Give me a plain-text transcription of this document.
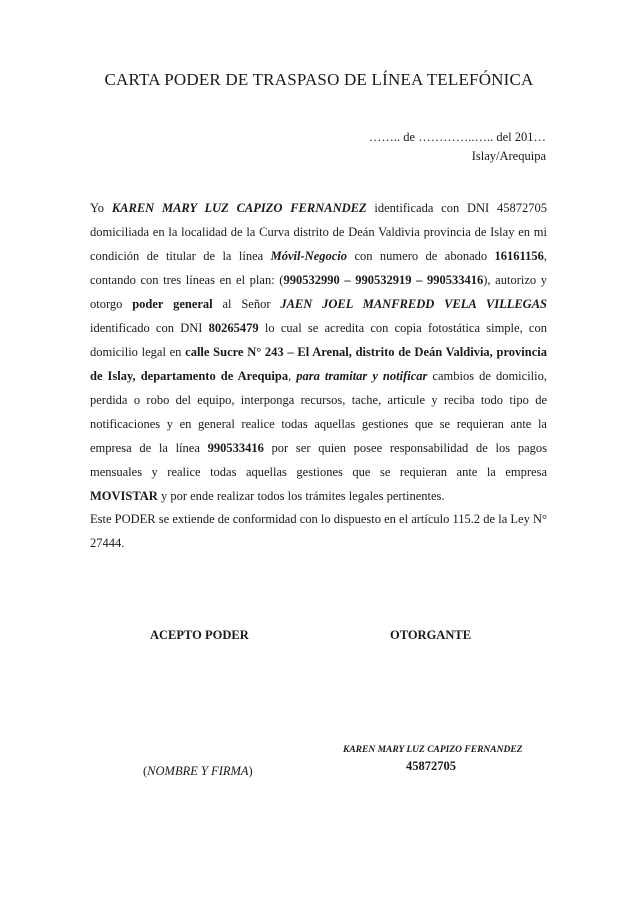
CARTA PODER DE TRASPASO DE LÍNEA TELEFÓNICA
…….. de …………..….. del 201…
Islay/Arequipa

Yo KAREN MARY LUZ CAPIZO FERNANDEZ identificada con DNI 45872705 domiciliada en la localidad de la Curva distrito de Deán Valdivia provincia de Islay en mi condición de titular de la línea Móvil-Negocio con numero de abonado 16161156, contando con tres líneas en el plan: (990532990 – 990532919 – 990533416), autorizo y otorgo poder general al Señor JAEN JOEL MANFREDD VELA VILLEGAS identificado con DNI 80265479 lo cual se acredita con copia fotostática simple, con domicilio legal en calle Sucre N° 243 – El Arenal, distrito de Deán Valdivia, provincia de Islay, departamento de Arequipa, para tramitar y notificar cambios de domicilio, perdida o robo del equipo, interponga recursos, tache, articule y reciba todo tipo de notificaciones y en general realice todas aquellas gestiones que se requieran ante la empresa de la línea 990533416 por ser quien posee responsabilidad de los pagos mensuales y realice todas aquellas gestiones que se requieran ante la empresa MOVISTAR y por ende realizar todos los trámites legales pertinentes.

Este PODER se extiende de conformidad con lo dispuesto en el artículo 115.2 de la Ley N° 27444.
ACEPTO PODER	OTORGANTE
KAREN MARY LUZ CAPIZO FERNANDEZ
45872705
(NOMBRE Y FIRMA)
